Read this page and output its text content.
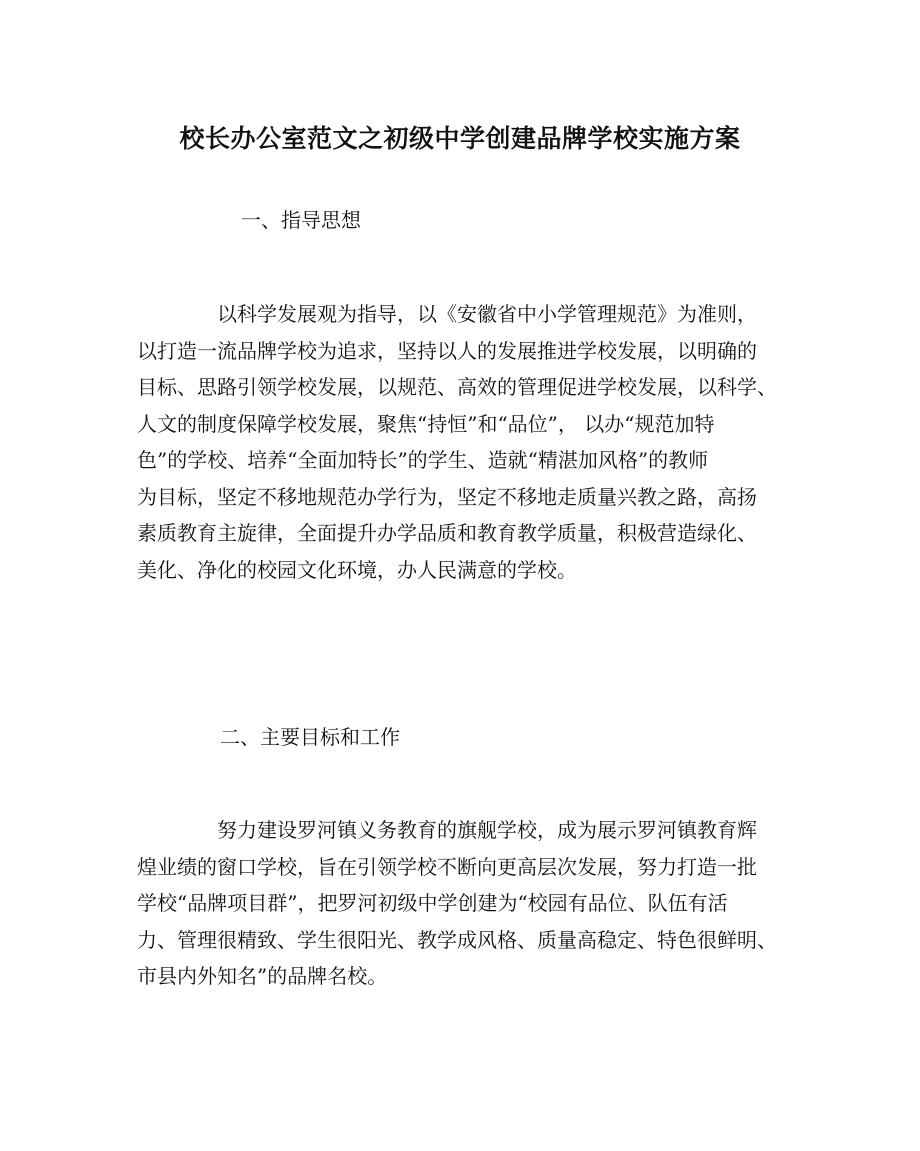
校长办公室范文之初级中学创建品牌学校实施方案
一、指导思想
以科学发展观为指导，以《安徽省中小学管理规范》为准则，
以打造一流品牌学校为追求，坚持以人的发展推进学校发展，以明确的
目标、思路引领学校发展，以规范、高效的管理促进学校发展，以科学、
人文的制度保障学校发展，聚焦“持恒”和“品位”， 以办“规范加特
色”的学校、培养“全面加特长”的学生、造就“精湛加风格”的教师
为目标，坚定不移地规范办学行为，坚定不移地走质量兴教之路，高扬
素质教育主旋律，全面提升办学品质和教育教学质量，积极营造绿化、
美化、净化的校园文化环境，办人民满意的学校。
二、主要目标和工作
努力建设罗河镇义务教育的旗舰学校，成为展示罗河镇教育辉
煌业绩的窗口学校，旨在引领学校不断向更高层次发展，努力打造一批
学校“品牌项目群”，把罗河初级中学创建为“校园有品位、队伍有活
力、管理很精致、学生很阳光、教学成风格、质量高稳定、特色很鲜明、
市县内外知名”的品牌名校。
